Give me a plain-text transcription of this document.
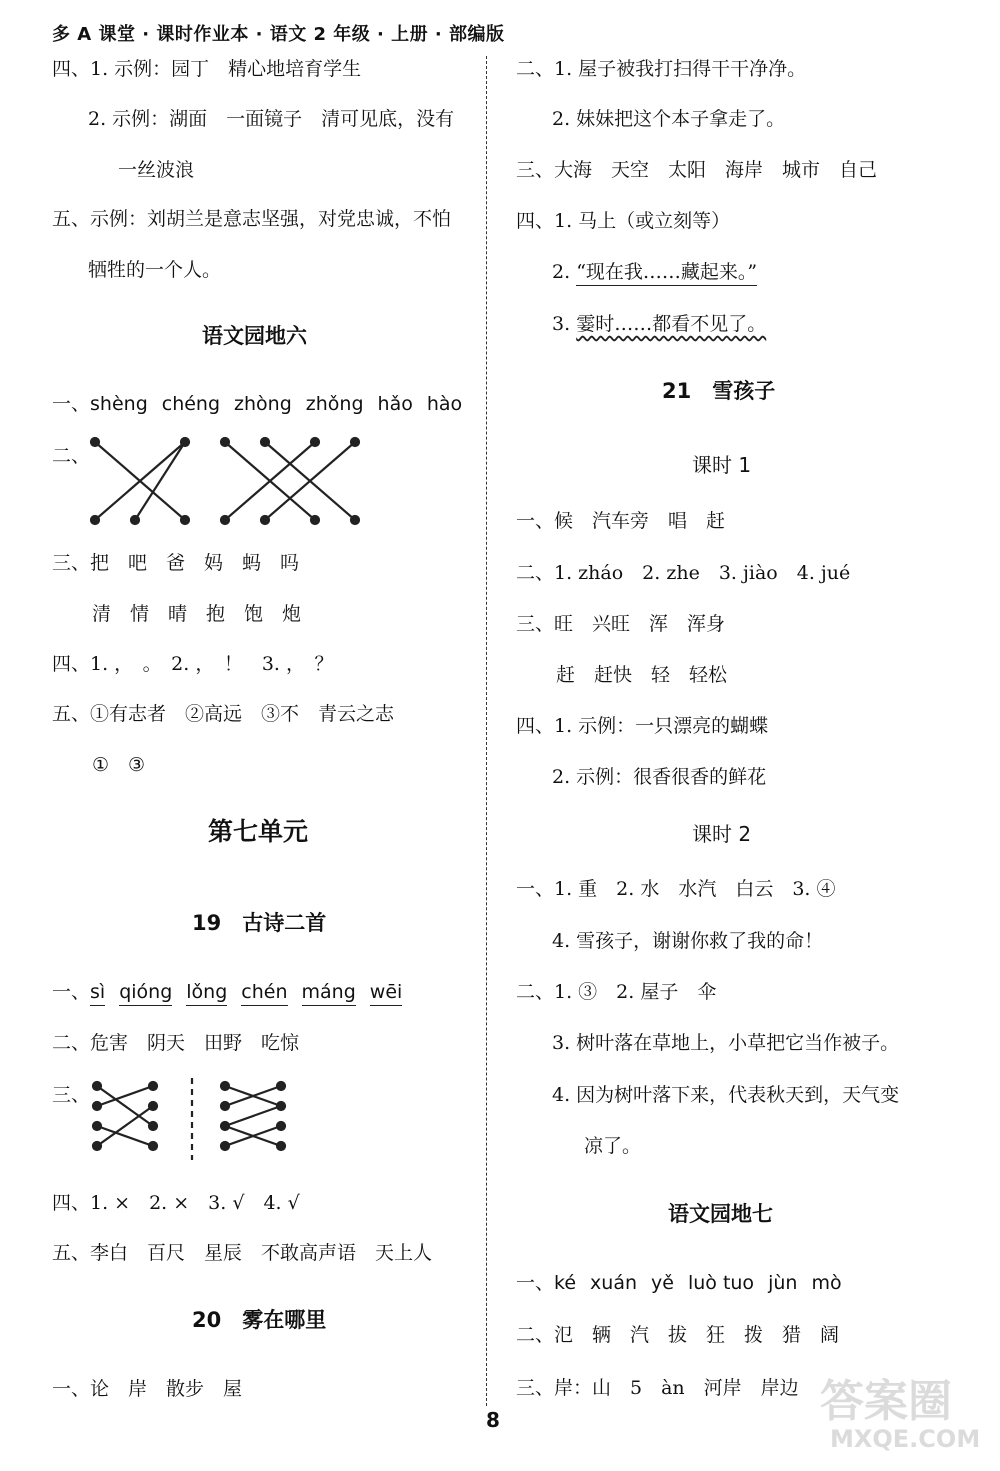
多 A 课堂 · 课时作业本 · 语文 2 年级 · 上册 · 部编版
四、1. 示例：园丁　精心地培育学生
2. 示例：湖面　一面镜子　清可见底，没有
一丝波浪
五、示例：刘胡兰是意志坚强，对党忠诚，不怕
牺牲的一个人。
语文园地六
一、shèng chéng zhòng zhǒng hǎo hào
二、
三、把　吧　爸　妈　蚂　吗
清　情　晴　抱　饱　炮
四、1. ，　。　2. ，　！　3. ，　？
五、①有志者　②高远　③不　青云之志
①　③
第七单元
19　古诗二首
一、sì qióng lǒng chén máng wēi
二、危害　阴天　田野　吃惊
三、
四、1. ×　2. ×　3. √　4. √
五、李白　百尺　星辰　不敢高声语　天上人
20　雾在哪里
一、论　岸　散步　屋
二、1. 屋子被我打扫得干干净净。
2. 妹妹把这个本子拿走了。
三、大海　天空　太阳　海岸　城市　自己
四、1. 马上（或立刻等）
2. “现在我……藏起来。”
3. 霎时……都看不见了。
21　雪孩子
课时 1
一、候　汽车旁　唱　赶
二、1. zháo　2. zhe　3. jiào　4. jué
三、旺　兴旺　浑　浑身
赶　赶快　轻　轻松
四、1. 示例：一只漂亮的蝴蝶
2. 示例：很香很香的鲜花
课时 2
一、1. 重　2. 水　水汽　白云　3. ④
4. 雪孩子，谢谢你救了我的命！
二、1. ③　2. 屋子　伞
3. 树叶落在草地上，小草把它当作被子。
4. 因为树叶落下来，代表秋天到，天气变
凉了。
语文园地七
一、ké xuán yě luò tuo jùn mò
二、氾　辆　汽　拔　狂　拨　猎　阔
三、岸：山　5　àn　河岸　岸边
8	答案圈
MXQE.COM
